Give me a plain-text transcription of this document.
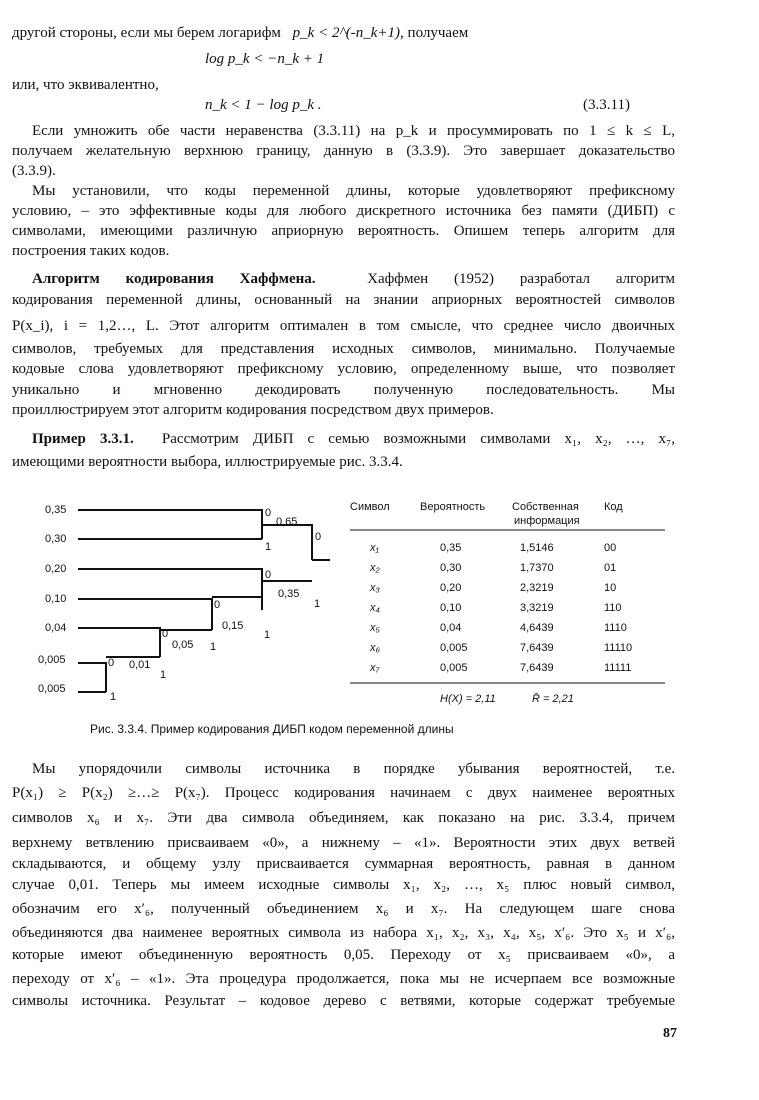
другой стороны, если мы берем логарифм p_k < 2^(-n_k+1), получаем
log p_k < −n_k + 1
или, что эквивалентно,
n_k < 1 − log p_k .	(3.3.11)
Если умножить обе части неравенства (3.3.11) на p_k и просуммировать по 1 ≤ k ≤ L,
получаем желательную верхнюю границу, данную в (3.3.9). Это завершает доказательство
(3.3.9).
Мы установили, что коды переменной длины, которые удовлетворяют префиксному
условию, – это эффективные коды для любого дискретного источника без памяти (ДИБП) с
символами, имеющими различную априорную вероятность. Опишем теперь алгоритм для
построения таких кодов.
Алгоритм кодирования Хаффмена.	Хаффмен (1952) разработал алгоритм
кодирования переменной длины, основанный на знании априорных вероятностей символов
P(x_i), i = 1,2…, L. Этот алгоритм оптимален в том смысле, что среднее число двоичных
символов, требуемых для представления исходных символов, минимально. Получаемые
кодовые слова удовлетворяют префиксному условию, определенному выше, что позволяет
уникально и мгновенно декодировать полученную последовательность. Мы
проиллюстрируем этот алгоритм кодирования посредством двух примеров.
Пример 3.3.1. Рассмотрим ДИБП с семью возможными символами x₁, x₂, …, x₇,
имеющими вероятности выбора, иллюстрируемые рис. 3.3.4.
0,35
0,30
0,20
0,10
0,04
0,005
0,005
0,65
0,35
0,15
0,05
0,01
0
1
0
0
1
0
1
0
1
0
1
1
Символ	Вероятность Собственная
информация
Код
x₁	0,35	1,5146	00
x₂	0,30	1,7370	01
x₃	0,20	2,3219	10
x₄	0,10	3,3219	110
x₅	0,04	4,6439	1110
x₆	0,005	7,6439	11110
x₇	0,005	7,6439	11111
H(X) = 2,11	R̄ = 2,21
Рис. 3.3.4. Пример кодирования ДИБП кодом переменной длины
Мы упорядочили символы источника в порядке убывания вероятностей, т.е.
P(x₁) ≥ P(x₂) ≥…≥ P(x₇). Процесс кодирования начинаем с двух наименее вероятных
символов x₆ и x₇. Эти два символа объединяем, как показано на рис. 3.3.4, причем
верхнему ветвлению присваиваем «0», а нижнему – «1». Вероятности этих двух ветвей
складываются, и общему узлу присваивается суммарная вероятность, равная в данном
случае 0,01. Теперь мы имеем исходные символы x₁, x₂, …, x₅ плюс новый символ,
обозначим его x′₆, полученный объединением x₆ и x₇. На следующем шаге снова
объединяются два наименее вероятных символа из набора x₁, x₂, x₃, x₄, x₅, x′₆. Это x₅ и x′₆,
которые имеют объединенную вероятность 0,05. Переходу от x₅ присваиваем «0», а
переходу от x′₆ – «1». Эта процедура продолжается, пока мы не исчерпаем все возможные
символы источника. Результат – кодовое дерево с ветвями, которые содержат требуемые
87
